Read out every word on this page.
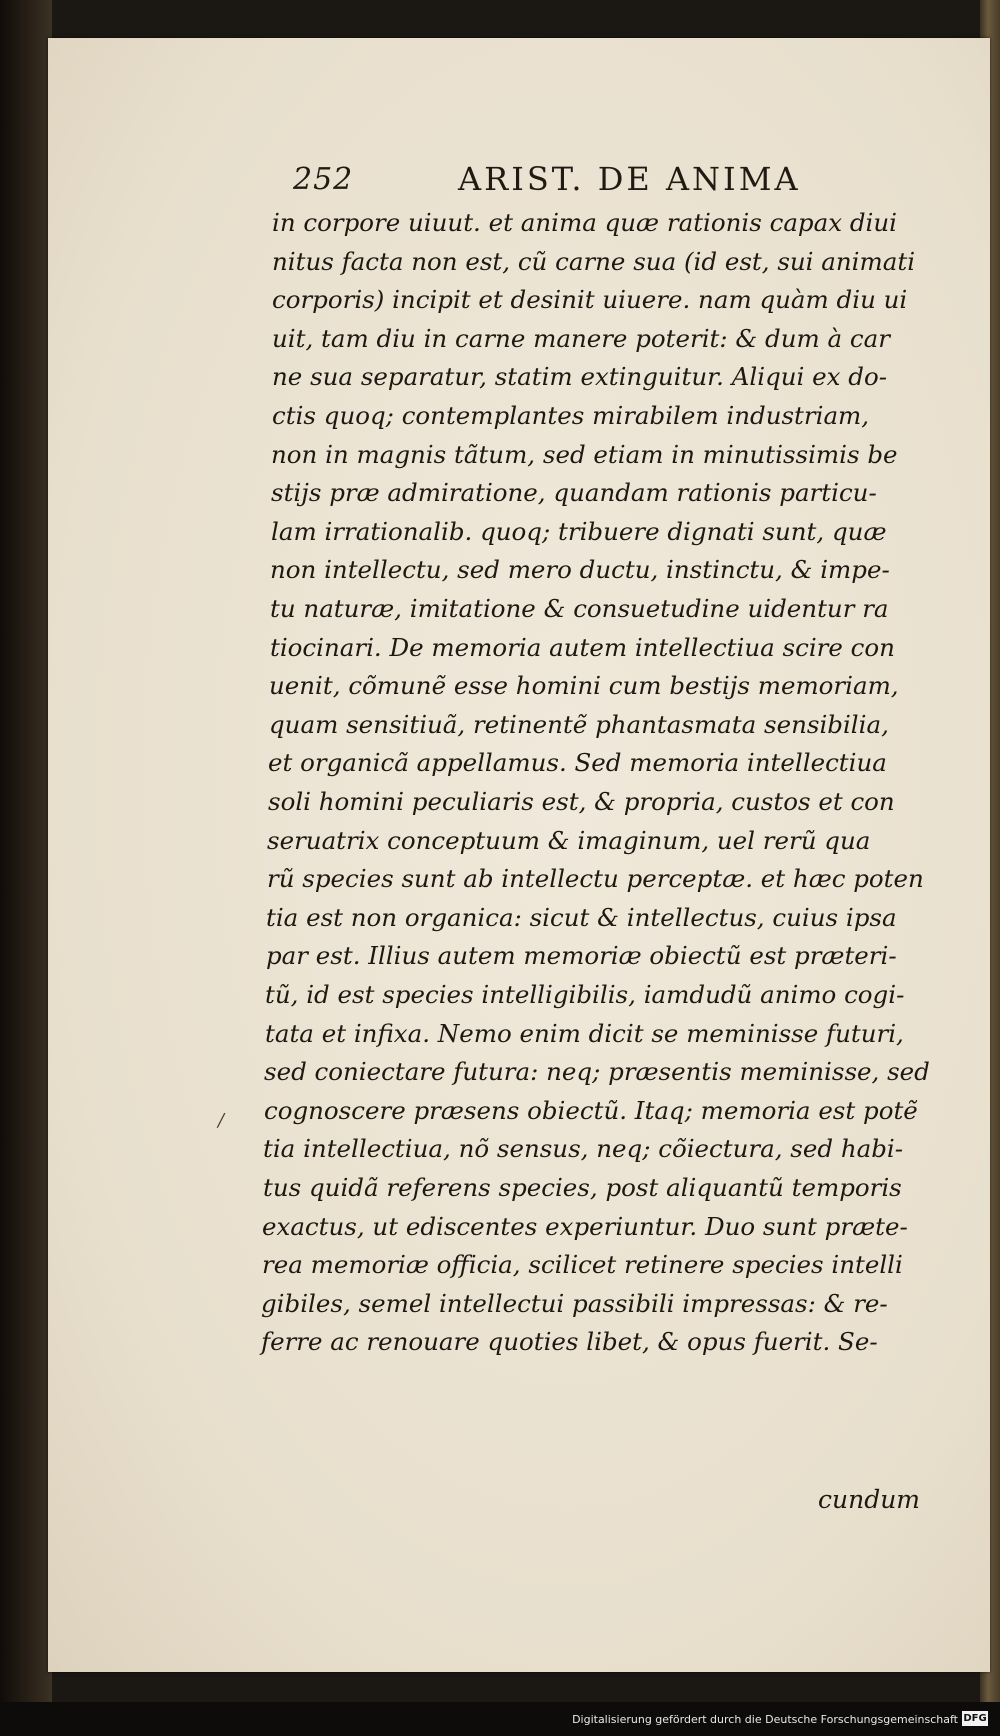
252	ARIST. DE ANIMA
in corpore uiuut. et anima quæ rationis capax diui
nitus facta non est, cũ carne sua (id est, sui animati
corporis) incipit et desinit uiuere. nam quàm diu ui
uit, tam diu in carne manere poterit: & dum à car
ne sua separatur, statim extinguitur. Aliqui ex do-
ctis quoq; contemplantes mirabilem industriam,
non in magnis tãtum, sed etiam in minutissimis be
stijs præ admiratione, quandam rationis particu-
lam irrationalib. quoq; tribuere dignati sunt, quæ
non intellectu, sed mero ductu, instinctu, & impe-
tu naturæ, imitatione & consuetudine uidentur ra
tiocinari. De memoria autem intellectiua scire con
uenit, cõmunẽ esse homini cum bestijs memoriam,
quam sensitiuã, retinentẽ phantasmata sensibilia,
et organicã appellamus. Sed memoria intellectiua
soli homini peculiaris est, & propria, custos et con
seruatrix conceptuum & imaginum, uel rerũ qua
rũ species sunt ab intellectu perceptæ. et hæc poten
tia est non organica: sicut & intellectus, cuius ipsa
par est. Illius autem memoriæ obiectũ est præteri-
tũ, id est species intelligibilis, iamdudũ animo cogi-
tata et infixa. Nemo enim dicit se meminisse futuri,
sed coniectare futura: neq; præsentis meminisse, sed
cognoscere præsens obiectũ. Itaq; memoria est potẽ
tia intellectiua, nõ sensus, neq; cõiectura, sed habi-
tus quidã referens species, post aliquantũ temporis
exactus, ut ediscentes experiuntur. Duo sunt præte-
rea memoriæ officia, scilicet retinere species intelli
gibiles, semel intellectui passibili impressas: & re-
ferre ac renouare quoties libet, & opus fuerit. Se-
/
cundum
Digitalisierung gefördert durch die Deutsche Forschungsgemeinschaft DFG
